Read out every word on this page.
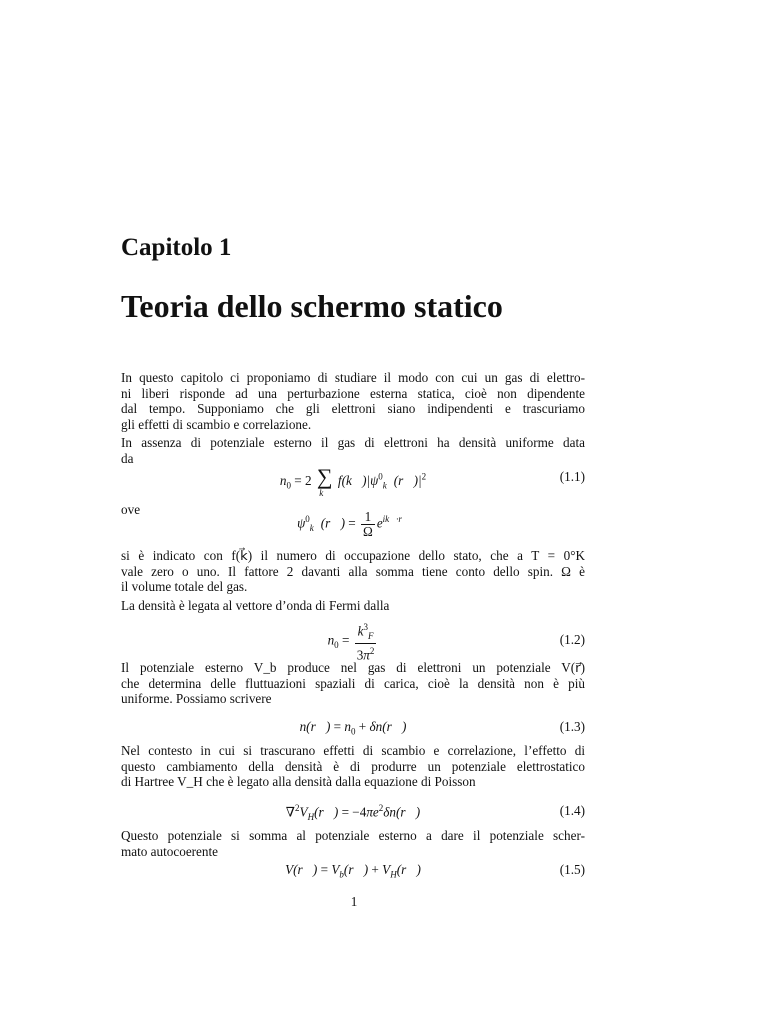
Capitolo 1
Teoria dello schermo statico
In questo capitolo ci proponiamo di studiare il modo con cui un gas di elettro-
ni liberi risponde ad una perturbazione esterna statica, cioè non dipendente
dal tempo. Supponiamo che gli elettroni siano indipendenti e trascuriamo
gli effetti di scambio e correlazione.
In assenza di potenziale esterno il gas di elettroni ha densità uniforme data
da
$n_0 = 2$ ∑
k⃗
$f(k⃗)|\psi^0_{k⃗}(r⃗)|^2$	(1.1)
ove
$\psi^0_{k⃗}(r⃗) = \frac{1}{\Omega} e^{ik⃗\cdot r⃗}$
si è indicato con f(k⃗) il numero di occupazione dello stato, che a T = 0°K
vale zero o uno. Il fattore 2 davanti alla somma tiene conto dello spin. Ω è
il volume totale del gas.
La densità è legata al vettore d’onda di Fermi dalla
$n_0 = \frac{k^3_F}{3\pi^2}$	(1.2)
Il potenziale esterno V_b produce nel gas di elettroni un potenziale V(r⃗)
che determina delle fluttuazioni spaziali di carica, cioè la densità non è più
uniforme. Possiamo scrivere
n(r⃗) = $n_0$ + δn(r⃗)	(1.3)
Nel contesto in cui si trascurano effetti di scambio e correlazione, l’effetto di
questo cambiamento della densità è di produrre un potenziale elettrostatico
di Hartree V_H che è legato alla densità dalla equazione di Poisson
$\nabla^2V_H(r⃗)$ = $-4\pi e^2\delta n(r⃗)$	(1.4)
Questo potenziale si somma al potenziale esterno a dare il potenziale scher-
mato autocoerente
V(r⃗) = $V_b(r⃗)$ + $V_H(r⃗)$	(1.5)
1
